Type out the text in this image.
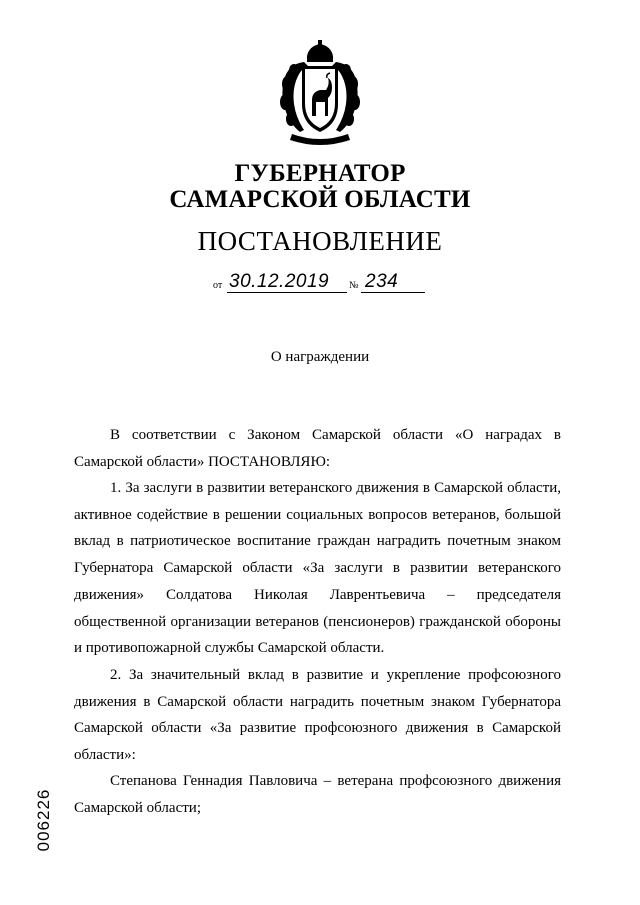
ГУБЕРНАТОР
САМАРСКОЙ ОБЛАСТИ
ПОСТАНОВЛЕНИЕ
от 30.12.2019 № 234
О награждении

В соответствии с Законом Самарской области «О наградах в Самарской области» ПОСТАНОВЛЯЮ:

1. За заслуги в развитии ветеранского движения в Самарской области, активное содействие в решении социальных вопросов ветеранов, большой вклад в патриотическое воспитание граждан наградить почетным знаком Губернатора Самарской области «За заслуги в развитии ветеранского движения» Солдатова Николая Лаврентьевича – председателя общественной организации ветеранов (пенсионеров) гражданской обороны и противопожарной службы Самарской области.

2. За значительный вклад в развитие и укрепление профсоюзного движения в Самарской области наградить почетным знаком Губернатора Самарской области «За развитие профсоюзного движения в Самарской области»:

Степанова Геннадия Павловича – ветерана профсоюзного движения Самарской области;

006226
